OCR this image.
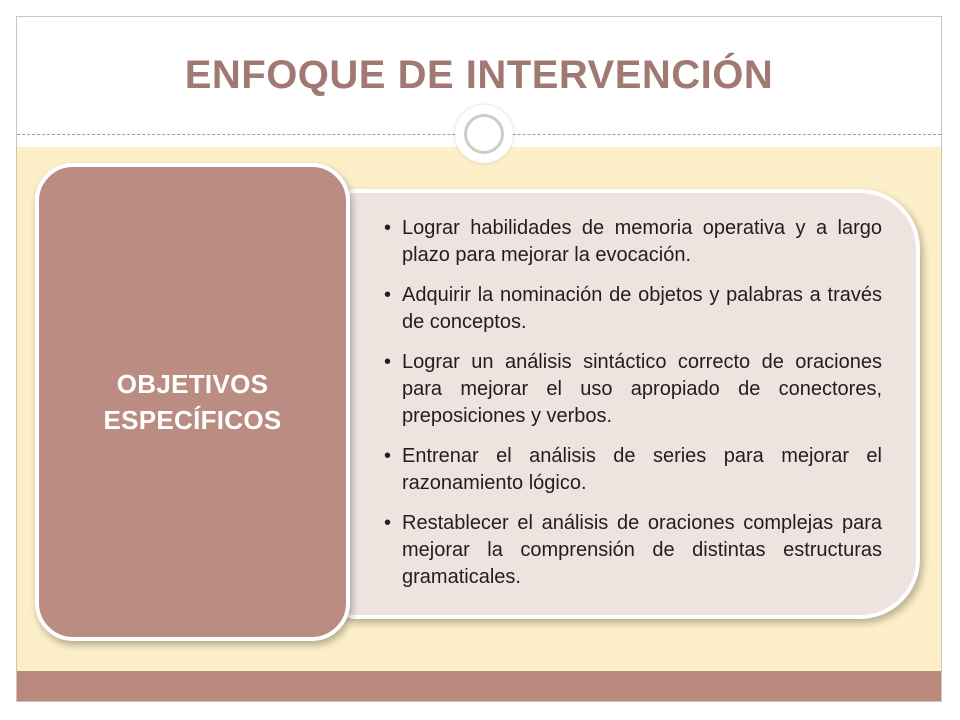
ENFOQUE DE INTERVENCIÓN
• Lograr habilidades de memoria operativa y a largo plazo para mejorar la evocación.
• Adquirir la nominación de objetos y palabras a través de conceptos.
• Lograr un análisis sintáctico correcto de oraciones para mejorar el uso apropiado de conectores, preposiciones y verbos.
• Entrenar el análisis de series para mejorar el razonamiento lógico.
• Restablecer el análisis de oraciones complejas para mejorar la comprensión de distintas estructuras gramaticales.
OBJETIVOS
ESPECÍFICOS
